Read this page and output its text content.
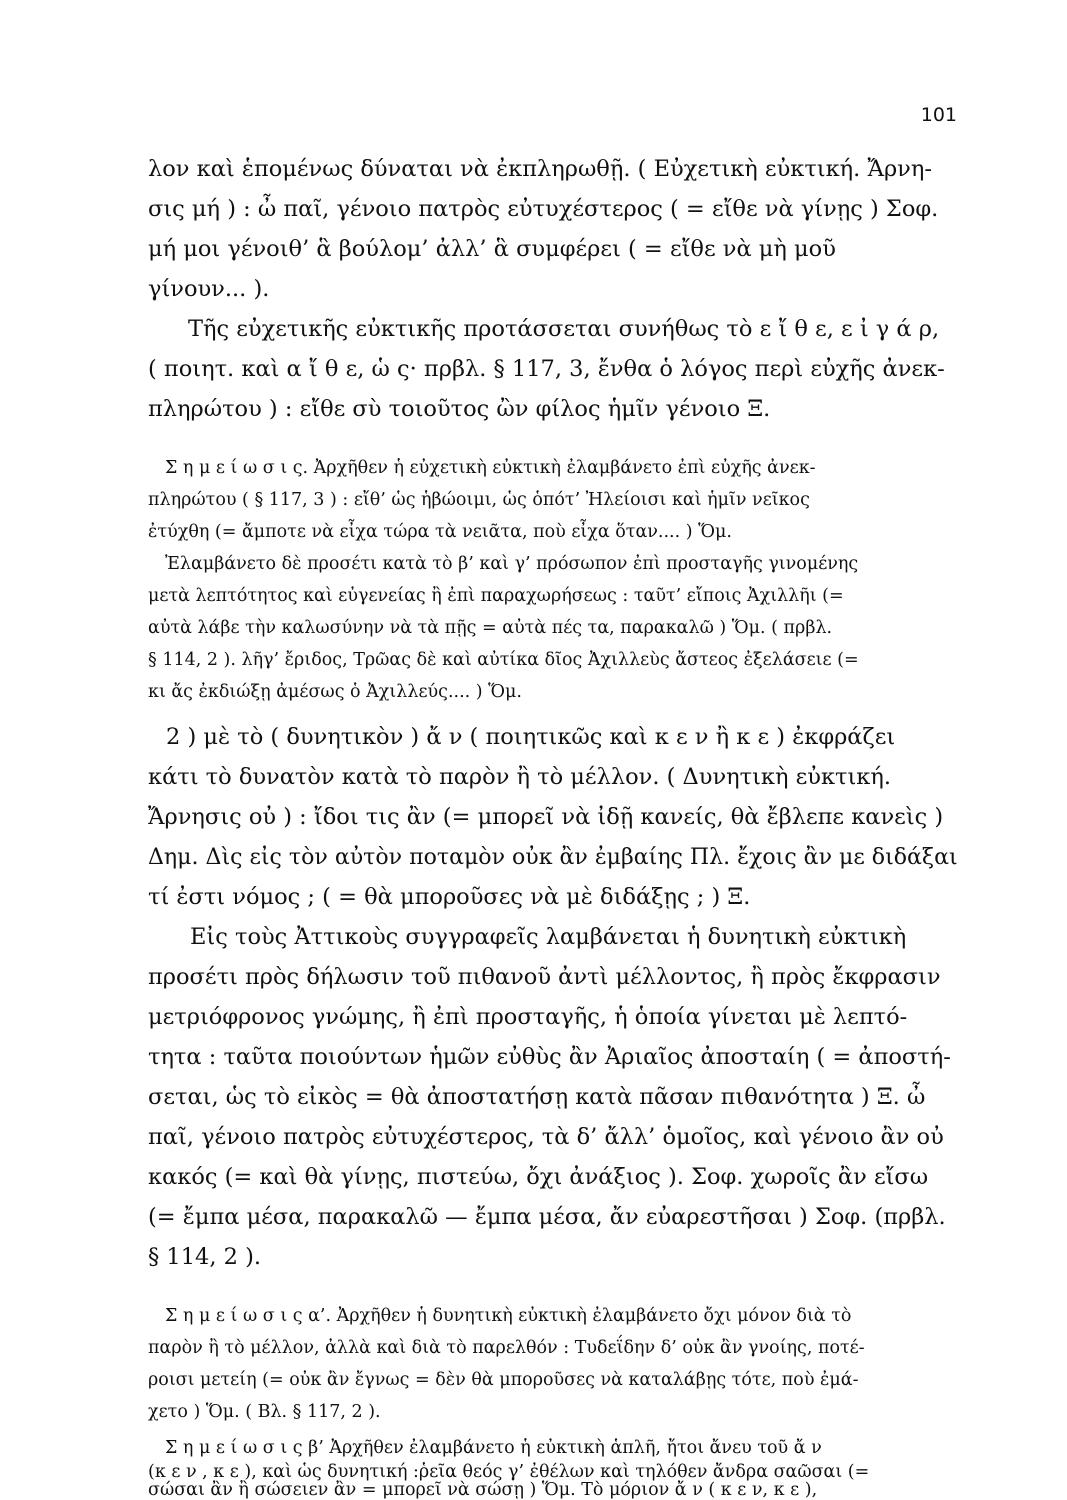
101
λον καὶ ἑπομένως δύναται νὰ ἐκπληρωθῇ. ( Εὐχετικὴ εὐκτική. Ἄρνη-
σις μή ) : ὦ παῖ, γένοιο πατρὸς εὐτυχέστερος ( = εἴθε νὰ γίνῃς ) Σοφ.
μή μοι γένοιθ’ ἃ βούλομ’ ἀλλ’ ἃ συμφέρει ( = εἴθε νὰ μὴ μοῦ
γίνουν... ).
Τῆς εὐχετικῆς εὐκτικῆς προτάσσεται συνήθως τὸ ε ἴ θ ε, ε ἰ γ ά ρ,
( ποιητ. καὶ α ἴ θ ε, ὡ ς· πρβλ. § 117, 3, ἔνθα ὁ λόγος περὶ εὐχῆς ἀνεκ-
πληρώτου ) : εἴθε σὺ τοιοῦτος ὢν φίλος ἡμῖν γένοιο Ξ.
Σ η μ ε ί ω σ ι ς. Ἀρχῆθεν ἡ εὐχετικὴ εὐκτικὴ ἐλαμβάνετο ἐπὶ εὐχῆς ἀνεκ-
πληρώτου ( § 117, 3 ) : εἴθ’ ὡς ἡβώοιμι, ὡς ὁπότ’ Ἠλείοισι καὶ ἡμῖν νεῖκος
ἐτύχθη (= ἄμποτε νὰ εἶχα τώρα τὰ νειᾶτα, ποὺ εἶχα ὅταν.... ) Ὅμ.
Ἐλαμβάνετο δὲ προσέτι κατὰ τὸ β’ καὶ γ’ πρόσωπον ἐπὶ προσταγῆς γινομένης
μετὰ λεπτότητος καὶ εὐγενείας ἢ ἐπὶ παραχωρήσεως : ταῦτ’ εἴποις Ἀχιλλῆι (=
αὐτὰ λάβε τὴν καλωσύνην νὰ τὰ πῇς = αὐτὰ πές τα, παρακαλῶ ) Ὅμ. ( πρβλ.
§ 114, 2 ). λῆγ’ ἔριδος, Τρῶας δὲ καὶ αὐτίκα δῖος Ἀχιλλεὺς ἄστεος ἐξελάσειε (=
κι ἄς ἐκδιώξῃ ἀμέσως ὁ Ἀχιλλεύς.... ) Ὅμ.
2 ) μὲ τὸ ( δυνητικὸν ) ἄ ν ( ποιητικῶς καὶ κ ε ν ἢ κ ε ) ἐκφράζει
κάτι τὸ δυνατὸν κατὰ τὸ παρὸν ἢ τὸ μέλλον. ( Δυνητικὴ εὐκτική.
Ἄρνησις οὐ ) : ἴδοι τις ἂν (= μπορεῖ νὰ ἰδῇ κανείς, θὰ ἔβλεπε κανεὶς )
Δημ. Δὶς εἰς τὸν αὐτὸν ποταμὸν οὐκ ἂν ἐμβαίης Πλ. ἔχοις ἂν με διδάξαι
τί ἐστι νόμος ; ( = θὰ μποροῦσες νὰ μὲ διδάξῃς ; ) Ξ.
Εἰς τοὺς Ἀττικοὺς συγγραφεῖς λαμβάνεται ἡ δυνητικὴ εὐκτικὴ
προσέτι πρὸς δήλωσιν τοῦ πιθανοῦ ἀντὶ μέλλοντος, ἢ πρὸς ἔκφρασιν
μετριόφρονος γνώμης, ἢ ἐπὶ προσταγῆς, ἡ ὁποία γίνεται μὲ λεπτό-
τητα : ταῦτα ποιούντων ἡμῶν εὐθὺς ἂν Ἀριαῖος ἀποσταίη ( = ἀποστή-
σεται, ὡς τὸ εἰκὸς = θὰ ἀποστατήσῃ κατὰ πᾶσαν πιθανότητα ) Ξ. ὦ
παῖ, γένοιο πατρὸς εὐτυχέστερος, τὰ δ’ ἄλλ’ ὁμοῖος, καὶ γένοιο ἂν οὐ
κακός (= καὶ θὰ γίνῃς, πιστεύω, ὄχι ἀνάξιος ). Σοφ. χωροῖς ἂν εἴσω
(= ἔμπα μέσα, παρακαλῶ — ἔμπα μέσα, ἄν εὐαρεστῆσαι ) Σοφ. (πρβλ.
§ 114, 2 ).
Σ η μ ε ί ω σ ι ς α’. Ἀρχῆθεν ἡ δυνητικὴ εὐκτικὴ ἐλαμβάνετο ὄχι μόνον διὰ τὸ
παρὸν ἢ τὸ μέλλον, ἀλλὰ καὶ διὰ τὸ παρελθόν : Τυδεΐδην δ’ οὐκ ἂν γνοίης, ποτέ-
ροισι μετείη (= οὐκ ἂν ἔγνως = δὲν θὰ μποροῦσες νὰ καταλάβῃς τότε, ποὺ ἐμά-
χετο ) Ὅμ. ( Βλ. § 117, 2 ).
Σ η μ ε ί ω σ ι ς β’ Ἀρχῆθεν ἐλαμβάνετο ἡ εὐκτικὴ ἁπλῆ, ἤτοι ἄνευ τοῦ ἄ ν
(κ ε ν , κ ε ), καὶ ὡς δυνητική :ῥεῖα θεός γ’ ἐθέλων καὶ τηλόθεν ἄνδρα σαῶσαι (=
σώσαι ἂν ἢ σώσειεν ἂν = μπορεῖ νὰ σώσῃ ) Ὅμ. Τὸ μόριον ἄ ν ( κ ε ν, κ ε ),
